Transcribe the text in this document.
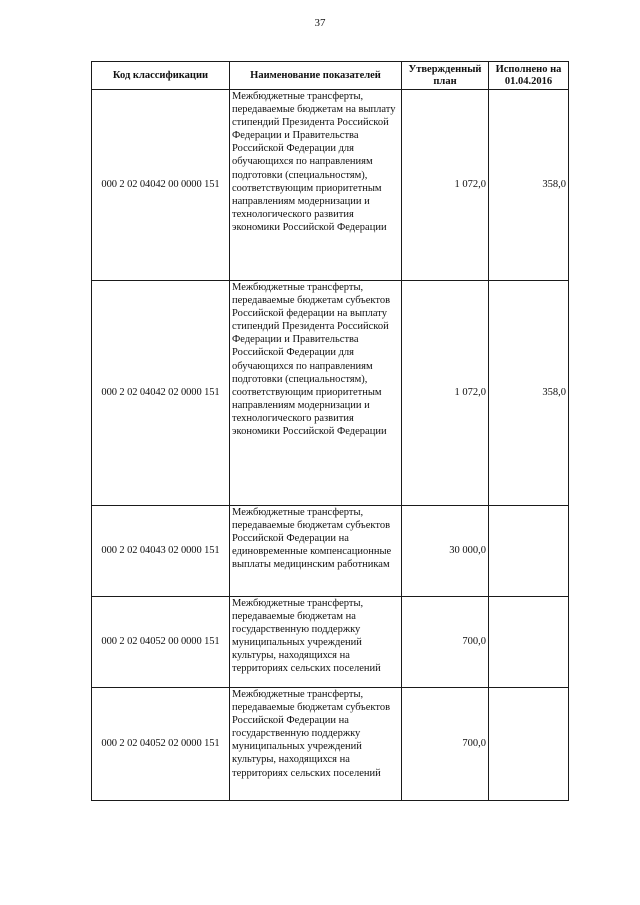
37
Код классификации	Наименование показателей	Утвержденный план	Исполнено на 01.04.2016
000 2 02 04042 00 0000 151	Межбюджетные трансферты, передаваемые бюджетам на выплату стипендий Президента Российской Федерации и Правительства Российской Федерации для обучающихся по направлениям подготовки (специальностям), соответствующим приоритетным направлениям модернизации и технологического развития экономики Российской Федерации	1 072,0	358,0
000 2 02 04042 02 0000 151	Межбюджетные трансферты, передаваемые бюджетам субъектов Российской федерации на выплату стипендий Президента Российской Федерации и Правительства Российской Федерации для обучающихся по направлениям подготовки (специальностям), соответствующим приоритетным направлениям модернизации и технологического развития экономики Российской Федерации	1 072,0	358,0
000 2 02 04043 02 0000 151	Межбюджетные трансферты, передаваемые бюджетам субъектов Российской Федерации на единовременные компенсационные выплаты медицинским работникам	30 000,0	
000 2 02 04052 00 0000 151	Межбюджетные трансферты, передаваемые бюджетам на государственную поддержку муниципальных учреждений культуры, находящихся на территориях сельских поселений	700,0	
000 2 02 04052 02 0000 151	Межбюджетные трансферты, передаваемые бюджетам субъектов Российской Федерации на государственную поддержку муниципальных учреждений культуры, находящихся на территориях сельских поселений	700,0	
